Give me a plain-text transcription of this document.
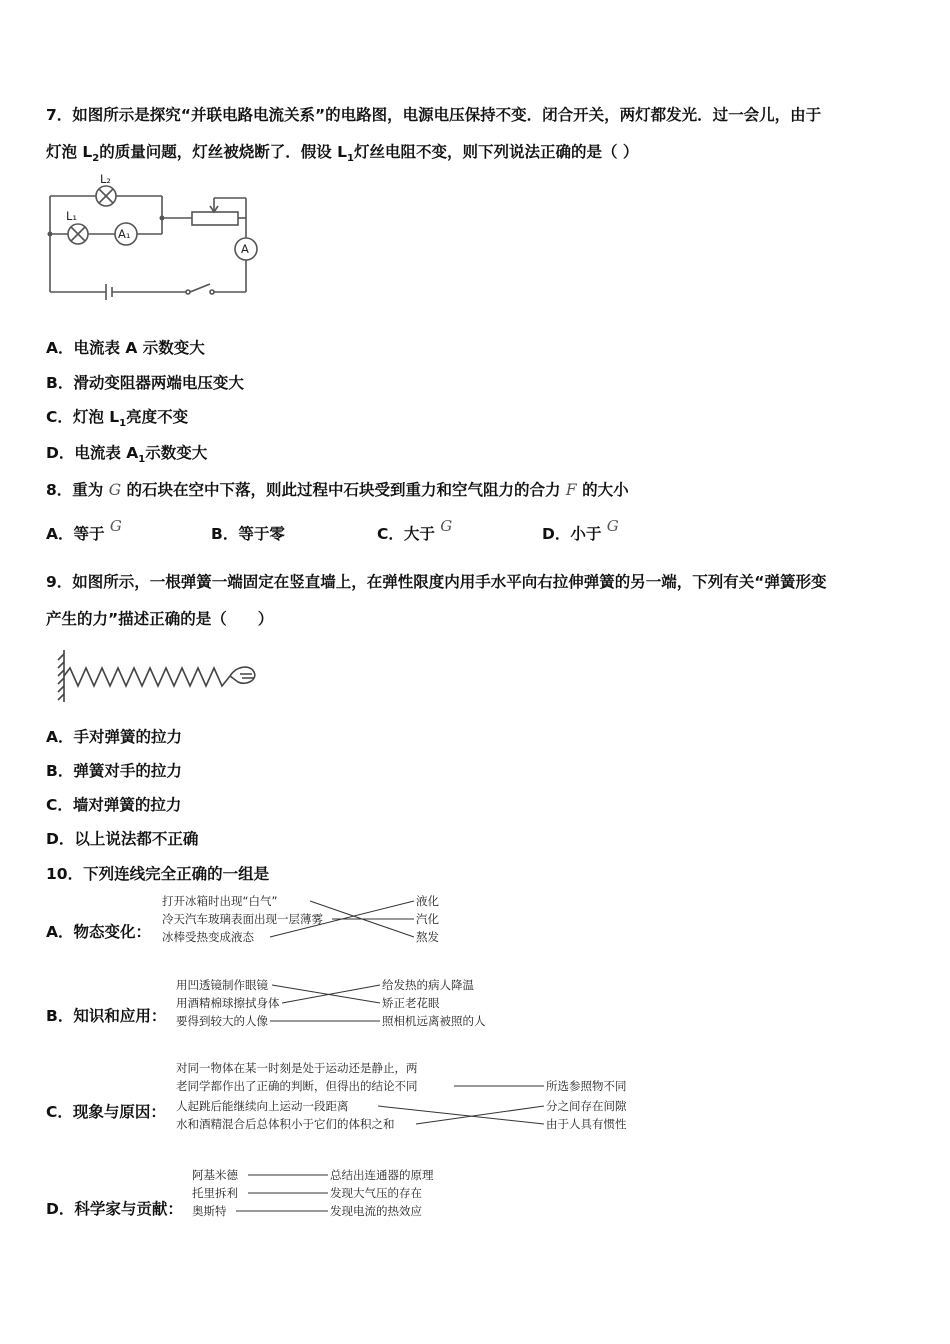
7．如图所示是探究“并联电路电流关系”的电路图，电源电压保持不变．闭合开关，两灯都发光．过一会儿，由于
灯泡 $L_2$的质量问题，灯丝被烧断了．假设 $L_1$灯丝电阻不变，则下列说法正确的是（ ）
L₂
L₁
A₁
A
A．电流表 A 示数变大
B．滑动变阻器两端电压变大
C．灯泡 $L_1$亮度不变
D．电流表 $A_1$示数变大
8．重为 G 的石块在空中下落，则此过程中石块受到重力和空气阻力的合力 F 的大小
A．等于 G	B．等于零	C．大于 G	D．小于 G
9．如图所示，一根弹簧一端固定在竖直墙上，在弹性限度内用手水平向右拉伸弹簧的另一端，下列有关“弹簧形变
产生的力”描述正确的是（　　）
A．手对弹簧的拉力
B．弹簧对手的拉力
C．墙对弹簧的拉力
D．以上说法都不正确
10．下列连线完全正确的一组是
A．物态变化：
打开冰箱时出现“白气”
冷天汽车玻璃表面出现一层薄雾
冰棒受热变成液态
液化
汽化
熬发
B．知识和应用：
用凹透镜制作眼镜
用酒精棉球擦拭身体
要得到较大的人像
给发热的病人降温
矫正老花眼
照相机远离被照的人
C．现象与原因：
对同一物体在某一时刻是处于运动还是静止，两
老同学都作出了正确的判断，但得出的结论不同
人起跳后能继续向上运动一段距离
水和酒精混合后总体积小于它们的体积之和
所选参照物不同
分之间存在间隙
由于人具有惯性
D．科学家与贡献：
阿基米德
托里拆利
奥斯特
总结出连通器的原理
发现大气压的存在
发现电流的热效应
